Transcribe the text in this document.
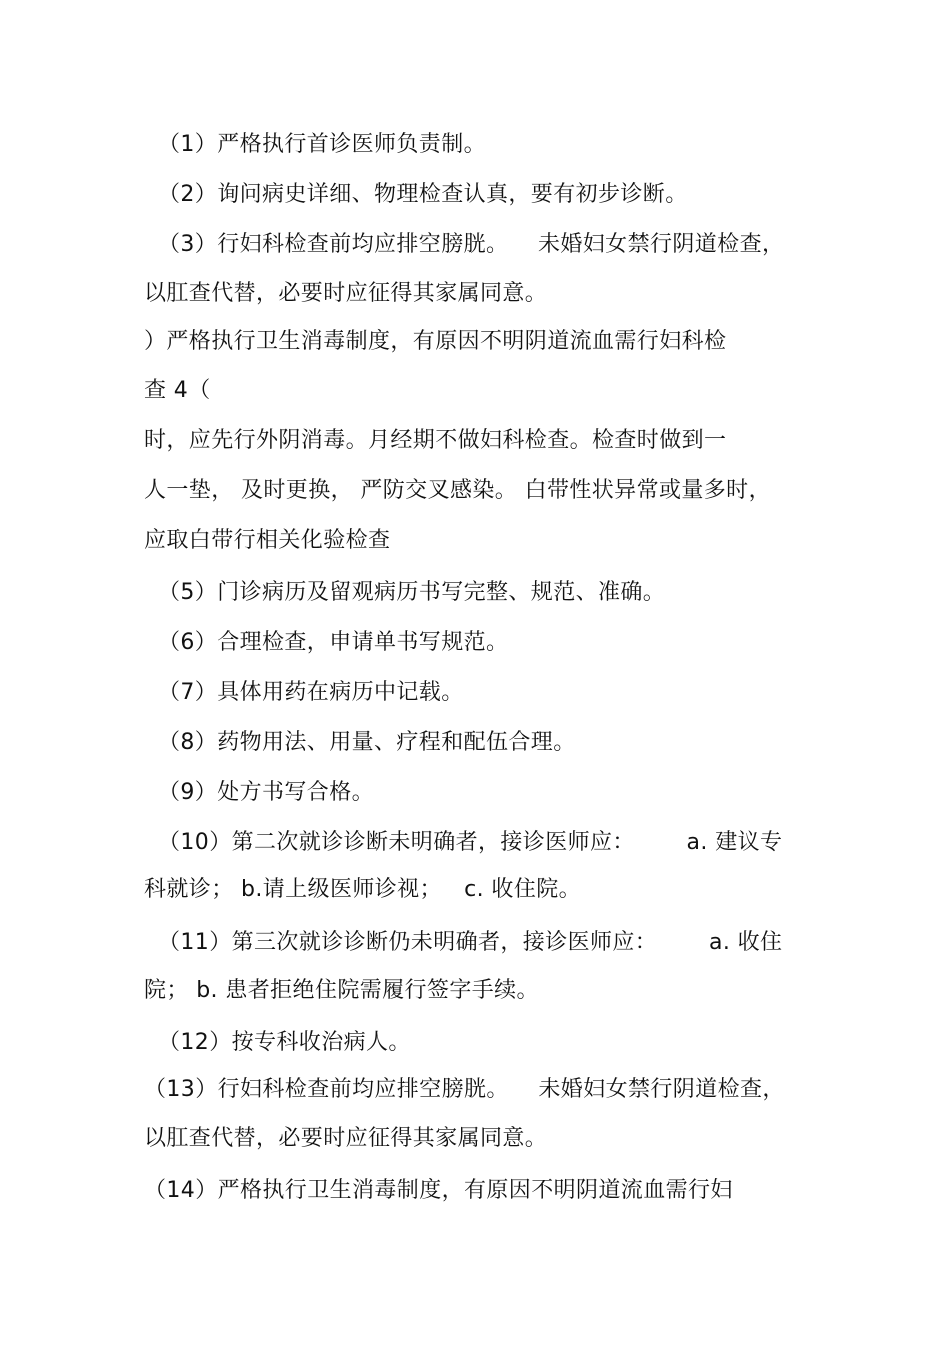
（1）严格执行首诊医师负责制。
（2）询问病史详细、物理检查认真，要有初步诊断。
（3）行妇科检查前均应排空膀胱。    未婚妇女禁行阴道检查，
以肛查代替，必要时应征得其家属同意。
）严格执行卫生消毒制度，有原因不明阴道流血需行妇科检
查 4（
时，应先行外阴消毒。月经期不做妇科检查。检查时做到一
人一垫， 及时更换， 严防交叉感染。 白带性状异常或量多时，
应取白带行相关化验检查
（5）门诊病历及留观病历书写完整、规范、准确。
（6）合理检查，申请单书写规范。
（7）具体用药在病历中记载。
（8）药物用法、用量、疗程和配伍合理。
（9）处方书写合格。
（10）第二次就诊诊断未明确者，接诊医师应：       a. 建议专
科就诊； b.请上级医师诊视；   c. 收住院。
（11）第三次就诊诊断仍未明确者，接诊医师应：       a. 收住
院； b. 患者拒绝住院需履行签字手续。
（12）按专科收治病人。
（13）行妇科检查前均应排空膀胱。    未婚妇女禁行阴道检查，
以肛查代替，必要时应征得其家属同意。
（14）严格执行卫生消毒制度，有原因不明阴道流血需行妇
